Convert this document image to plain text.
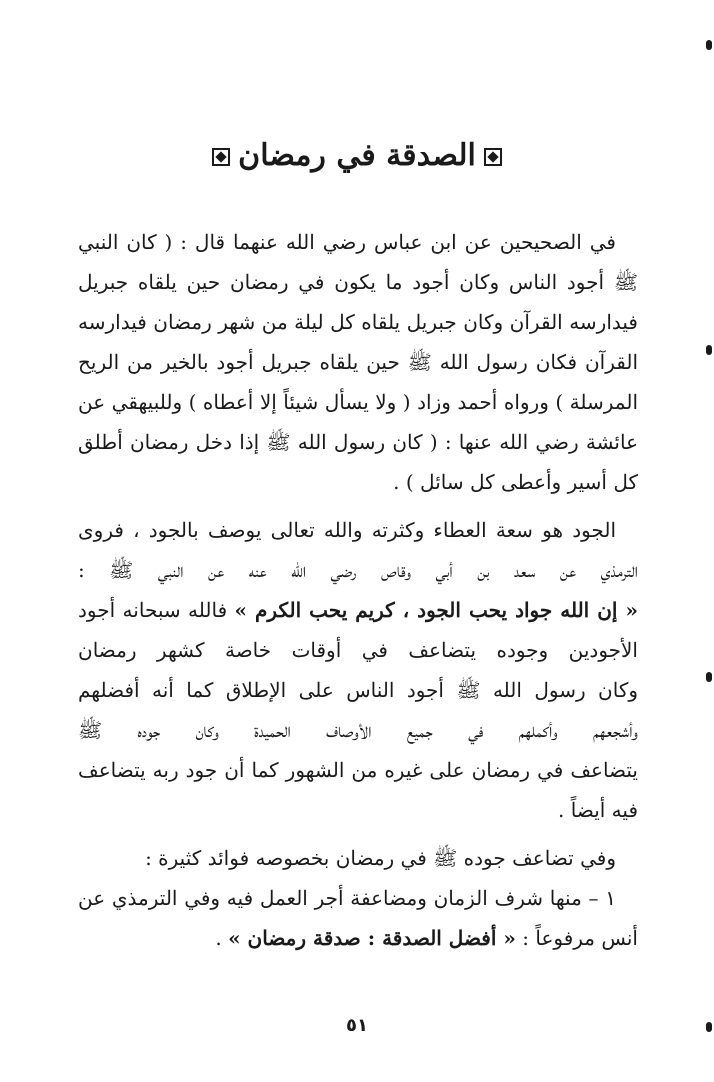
الصدقة في رمضان
في الصحيحين عن ابن عباس رضي الله عنهما قال : ( كان النبي
ﷺ أجود الناس وكان أجود ما يكون في رمضان حين يلقاه جبريل
فيدارسه القرآن وكان جبريل يلقاه كل ليلة من شهر رمضان فيدارسه
القرآن فكان رسول الله ﷺ حين يلقاه جبريل أجود بالخير من الريح
المرسلة ) ورواه أحمد وزاد ( ولا يسأل شيئاً إلا أعطاه ) وللبيهقي عن
عائشة رضي الله عنها : ( كان رسول الله ﷺ إذا دخل رمضان أطلق
كل أسير وأعطى كل سائل ) .
الجود هو سعة العطاء وكثرته والله تعالى يوصف بالجود ، فروى
الترمذي عن سعد بن أبي وقاص رضي الله عنه عن النبي ﷺ :
« إن الله جواد يحب الجود ، كريم يحب الكرم » فالله سبحانه أجود
الأجودين وجوده يتضاعف في أوقات خاصة كشهر رمضان
وكان رسول الله ﷺ أجود الناس على الإطلاق كما أنه أفضلهم
وأشجعهم وأكملهم في جميع الأوصاف الحميدة وكان جوده ﷺ
يتضاعف في رمضان على غيره من الشهور كما أن جود ربه يتضاعف
فيه أيضاً .
وفي تضاعف جوده ﷺ في رمضان بخصوصه فوائد كثيرة :
١ – منها شرف الزمان ومضاعفة أجر العمل فيه وفي الترمذي عن
أنس مرفوعاً : « أفضل الصدقة : صدقة رمضان » .
٥١
